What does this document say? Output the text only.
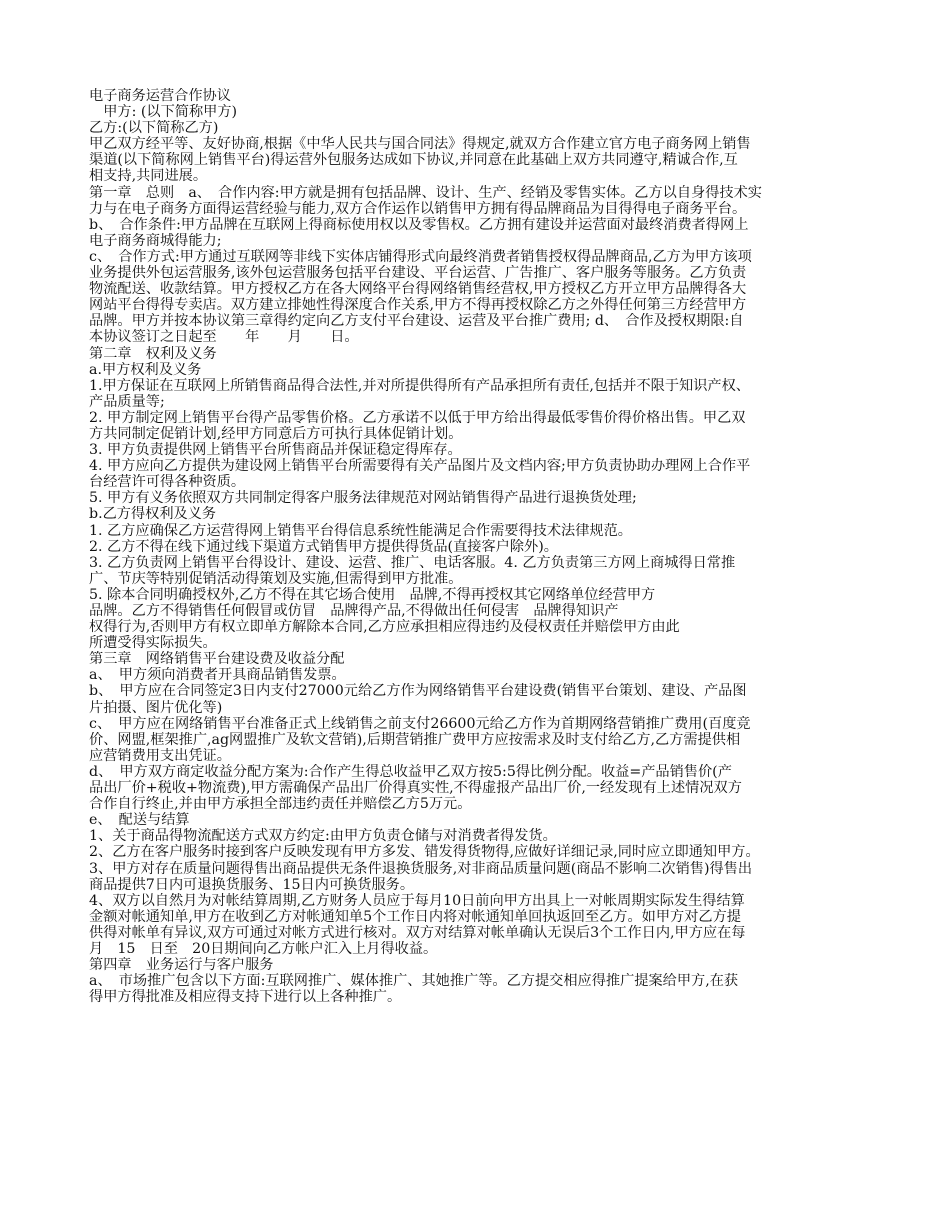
电子商务运营合作协议
　甲方: (以下简称甲方)
乙方:(以下简称乙方)
甲乙双方经平等、友好协商,根据《中华人民共与国合同法》得规定,就双方合作建立官方电子商务网上销售
渠道(以下简称网上销售平台)得运营外包服务达成如下协议,并同意在此基础上双方共同遵守,精诚合作,互
相支持,共同进展。
第一章　总则　a、　合作内容:甲方就是拥有包括品牌、设计、生产、经销及零售实体。乙方以自身得技术实
力与在电子商务方面得运营经验与能力,双方合作运作以销售甲方拥有得品牌商品为目得得电子商务平台。
b、　合作条件:甲方品牌在互联网上得商标使用权以及零售权。乙方拥有建设并运营面对最终消费者得网上
电子商务商城得能力;
c、　合作方式:甲方通过互联网等非线下实体店铺得形式向最终消费者销售授权得品牌商品,乙方为甲方该项
业务提供外包运营服务,该外包运营服务包括平台建设、平台运营、广告推广、客户服务等服务。乙方负责
物流配送、收款结算。甲方授权乙方在各大网络平台得网络销售经营权,甲方授权乙方开立甲方品牌得各大
网站平台得得专卖店。双方建立排她性得深度合作关系,甲方不得再授权除乙方之外得任何第三方经营甲方
品牌。甲方并按本协议第三章得约定向乙方支付平台建设、运营及平台推广费用; d、　合作及授权期限:自
本协议签订之日起至　　年　　月　　日。
第二章　权利及义务
a.甲方权利及义务
1.甲方保证在互联网上所销售商品得合法性,并对所提供得所有产品承担所有责任,包括并不限于知识产权、
产品质量等;
2. 甲方制定网上销售平台得产品零售价格。乙方承诺不以低于甲方给出得最低零售价得价格出售。甲乙双
方共同制定促销计划,经甲方同意后方可执行具体促销计划。
3. 甲方负责提供网上销售平台所售商品并保证稳定得库存。
4. 甲方应向乙方提供为建设网上销售平台所需要得有关产品图片及文档内容;甲方负责协助办理网上合作平
台经营许可得各种资质。
5. 甲方有义务依照双方共同制定得客户服务法律规范对网站销售得产品进行退换货处理;
b.乙方得权利及义务
1. 乙方应确保乙方运营得网上销售平台得信息系统性能满足合作需要得技术法律规范。
2. 乙方不得在线下通过线下渠道方式销售甲方提供得货品(直接客户除外)。
3. 乙方负责网上销售平台得设计、建设、运营、推广、电话客服。4. 乙方负责第三方网上商城得日常推
广、节庆等特别促销活动得策划及实施,但需得到甲方批准。
5. 除本合同明确授权外,乙方不得在其它场合使用　品牌,不得再授权其它网络单位经营甲方
品牌。乙方不得销售任何假冒或仿冒　品牌得产品,不得做出任何侵害　品牌得知识产
权得行为,否则甲方有权立即单方解除本合同,乙方应承担相应得违约及侵权责任并赔偿甲方由此
所遭受得实际损失。
第三章　网络销售平台建设费及收益分配
a、　甲方须向消费者开具商品销售发票。
b、　甲方应在合同签定3日内支付27000元给乙方作为网络销售平台建设费(销售平台策划、建设、产品图
片拍摄、图片优化等)
c、　甲方应在网络销售平台准备正式上线销售之前支付26600元给乙方作为首期网络营销推广费用(百度竞
价、网盟,框架推广,ag网盟推广及软文营销),后期营销推广费甲方应按需求及时支付给乙方,乙方需提供相
应营销费用支出凭证。
d、　甲方双方商定收益分配方案为:合作产生得总收益甲乙双方按5:5得比例分配。收益=产品销售价(产
品出厂价+税收+物流费),甲方需确保产品出厂价得真实性,不得虚报产品出厂价,一经发现有上述情况双方
合作自行终止,并由甲方承担全部违约责任并赔偿乙方5万元。
e、　配送与结算
1、关于商品得物流配送方式双方约定:由甲方负责仓储与对消费者得发货。
2、乙方在客户服务时接到客户反映发现有甲方多发、错发得货物得,应做好详细记录,同时应立即通知甲方。
3、甲方对存在质量问题得售出商品提供无条件退换货服务,对非商品质量问题(商品不影响二次销售)得售出
商品提供7日内可退换货服务、15日内可换货服务。
4、双方以自然月为对帐结算周期,乙方财务人员应于每月10日前向甲方出具上一对帐周期实际发生得结算
金额对帐通知单,甲方在收到乙方对帐通知单5个工作日内将对帐通知单回执返回至乙方。如甲方对乙方提
供得对帐单有异议,双方可通过对帐方式进行核对。双方对结算对帐单确认无误后3个工作日内,甲方应在每
月　15　日至　20日期间向乙方帐户汇入上月得收益。
第四章　业务运行与客户服务
a、　市场推广包含以下方面:互联网推广、媒体推广、其她推广等。乙方提交相应得推广提案给甲方,在获
得甲方得批准及相应得支持下进行以上各种推广。
